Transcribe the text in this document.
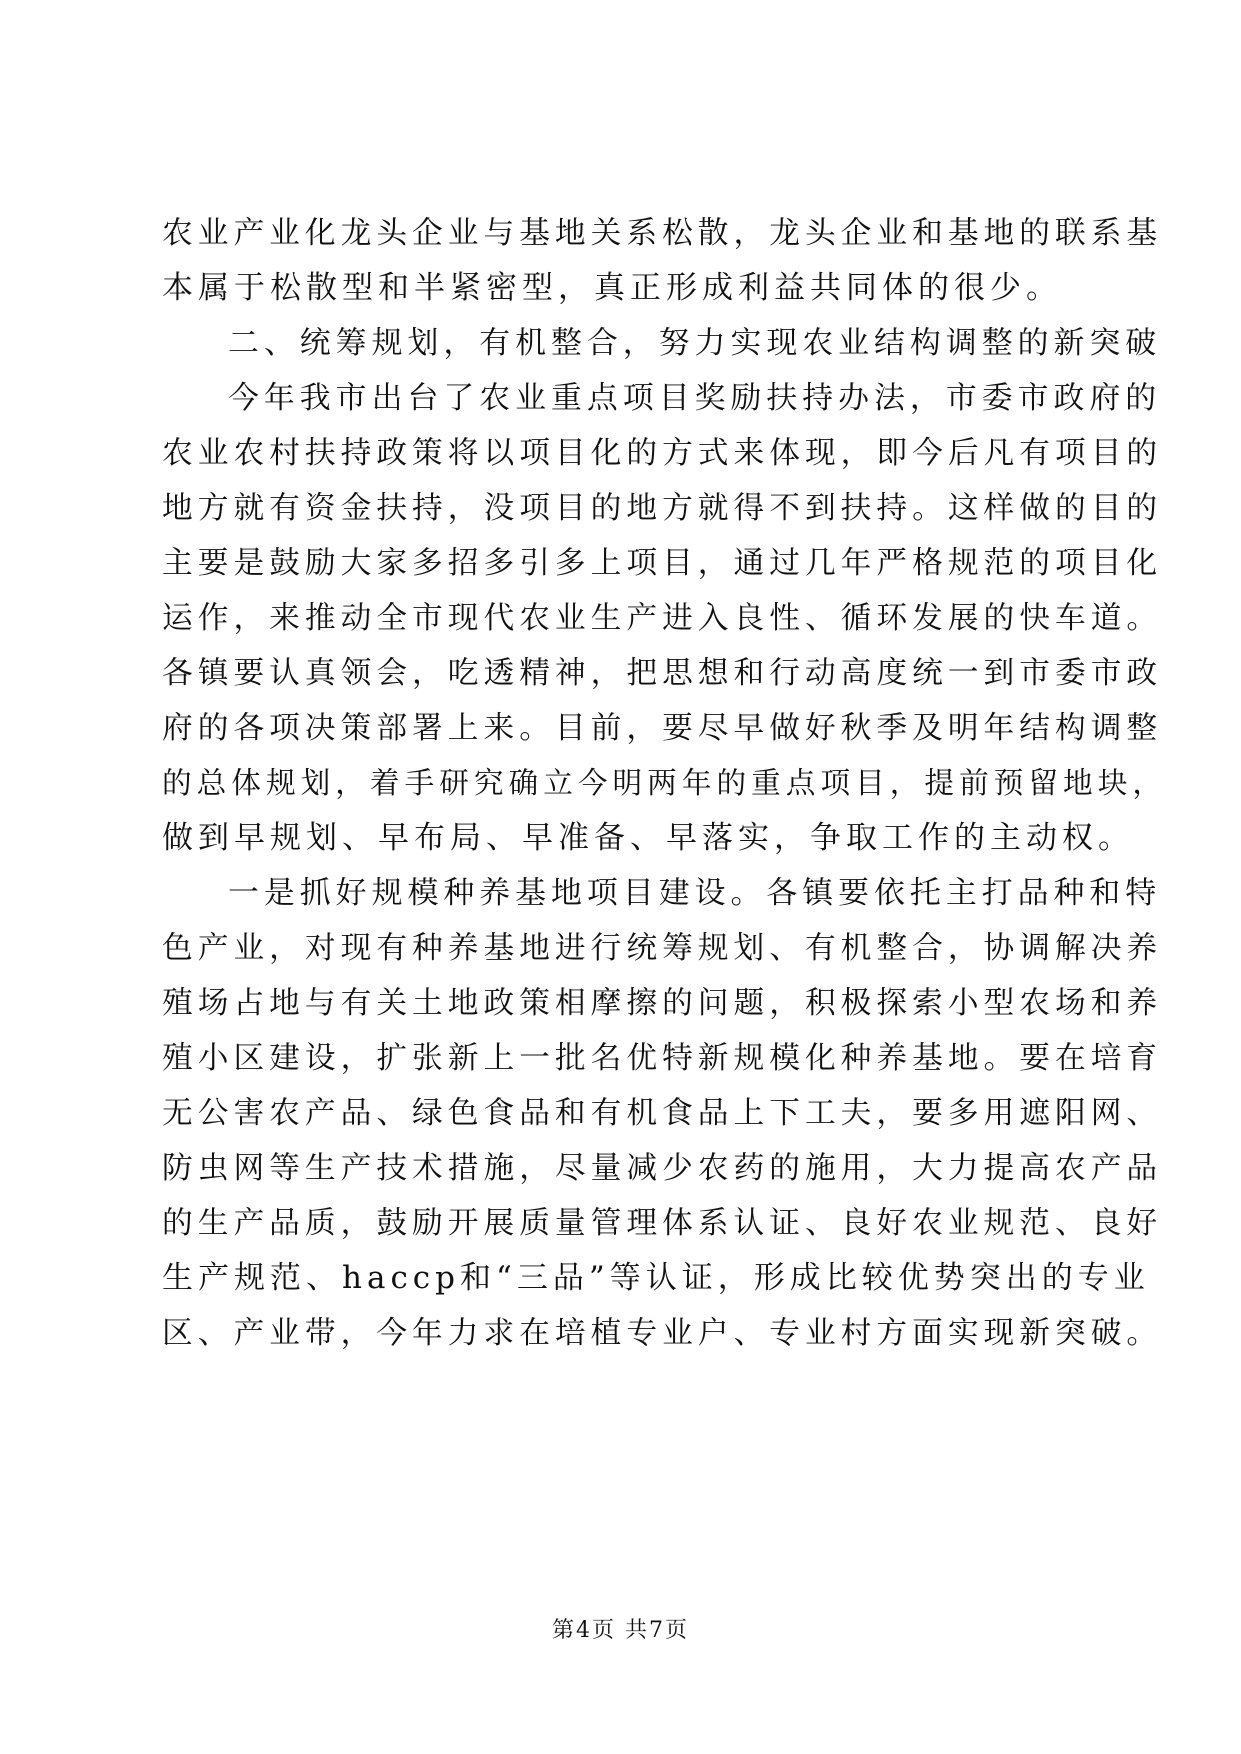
农业产业化龙头企业与基地关系松散，龙头企业和基地的联系基
本属于松散型和半紧密型，真正形成利益共同体的很少。
二、统筹规划，有机整合，努力实现农业结构调整的新突破
今年我市出台了农业重点项目奖励扶持办法，市委市政府的
农业农村扶持政策将以项目化的方式来体现，即今后凡有项目的
地方就有资金扶持，没项目的地方就得不到扶持。这样做的目的
主要是鼓励大家多招多引多上项目，通过几年严格规范的项目化
运作，来推动全市现代农业生产进入良性、循环发展的快车道。
各镇要认真领会，吃透精神，把思想和行动高度统一到市委市政
府的各项决策部署上来。目前，要尽早做好秋季及明年结构调整
的总体规划，着手研究确立今明两年的重点项目，提前预留地块，
做到早规划、早布局、早准备、早落实，争取工作的主动权。
一是抓好规模种养基地项目建设。各镇要依托主打品种和特
色产业，对现有种养基地进行统筹规划、有机整合，协调解决养
殖场占地与有关土地政策相摩擦的问题，积极探索小型农场和养
殖小区建设，扩张新上一批名优特新规模化种养基地。要在培育
无公害农产品、绿色食品和有机食品上下工夫，要多用遮阳网、
防虫网等生产技术措施，尽量减少农药的施用，大力提高农产品
的生产品质，鼓励开展质量管理体系认证、良好农业规范、良好
生产规范、haccp和“三品”等认证，形成比较优势突出的专业
区、产业带，今年力求在培植专业户、专业村方面实现新突破。
第4页 共7页
